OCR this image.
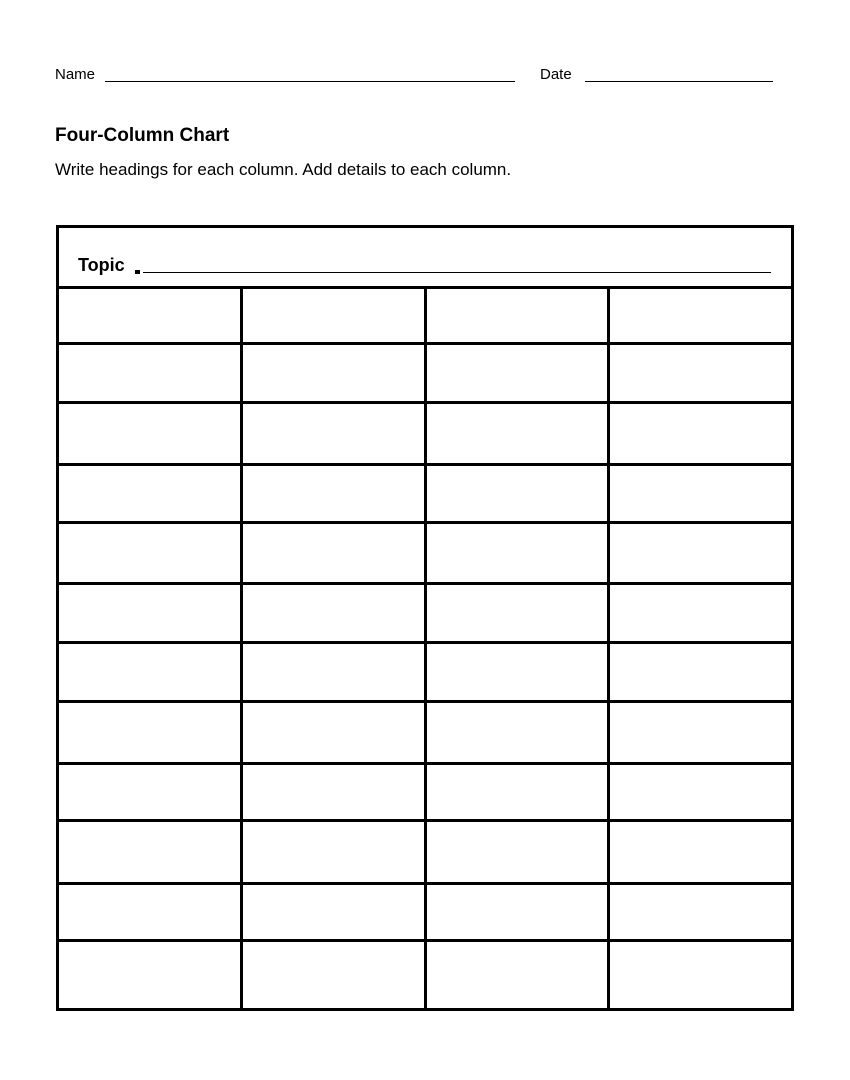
Name	Date
Four-Column Chart
Write headings for each column. Add details to each column.
Topic
